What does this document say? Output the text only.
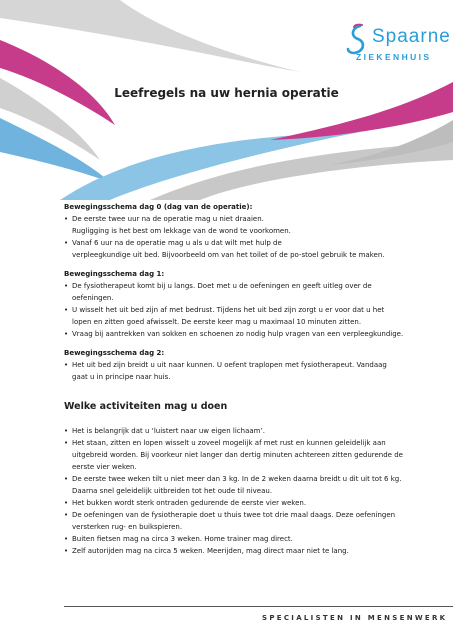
Spaarne
ZIEKENHUIS
Leefregels na uw hernia operatie

Bewegingsschema dag 0 (dag van de operatie):

• De eerste twee uur na de operatie mag u niet draaien.

Rugligging is het best om lekkage van de wond te voorkomen.

• Vanaf 6 uur na de operatie mag u als u dat wilt met hulp de

verpleegkundige uit bed. Bijvoorbeeld om van het toilet of de po-stoel gebruik te maken.

Bewegingsschema dag 1:

• De fysiotherapeut komt bij u langs. Doet met u de oefeningen en geeft uitleg over de oefeningen.

• U wisselt het uit bed zijn af met bedrust. Tijdens het uit bed zijn zorgt u er voor dat u het lopen en zitten goed afwisselt. De eerste keer mag u maximaal 10 minuten zitten.

• Vraag bij aantrekken van sokken en schoenen zo nodig hulp vragen van een verpleegkundige.

Bewegingsschema dag 2:

• Het uit bed zijn breidt u uit naar kunnen. U oefent traplopen met fysiotherapeut. Vandaag

gaat u in principe naar huis.

Welke activiteiten mag u doen

• Het is belangrijk dat u ‘luistert naar uw eigen lichaam’.

• Het staan, zitten en lopen wisselt u zoveel mogelijk af met rust en kunnen geleidelijk aan uitgebreid worden. Bij voorkeur niet langer dan dertig minuten achtereen zitten gedurende de eerste vier weken.

• De eerste twee weken tilt u niet meer dan 3 kg. In de 2 weken daarna breidt u dit uit tot 6 kg. Daarna snel geleidelijk uitbreiden tot het oude til niveau.

• Het bukken wordt sterk ontraden gedurende de eerste vier weken.

• De oefeningen van de fysiotherapie doet u thuis twee tot drie maal daags. Deze oefeningen versterken rug- en buikspieren.

• Buiten fietsen mag na circa 3 weken. Home trainer mag direct.

• Zelf autorijden mag na circa 5 weken. Meerijden, mag direct maar niet te lang.

SPECIALISTEN IN MENSENWERK
